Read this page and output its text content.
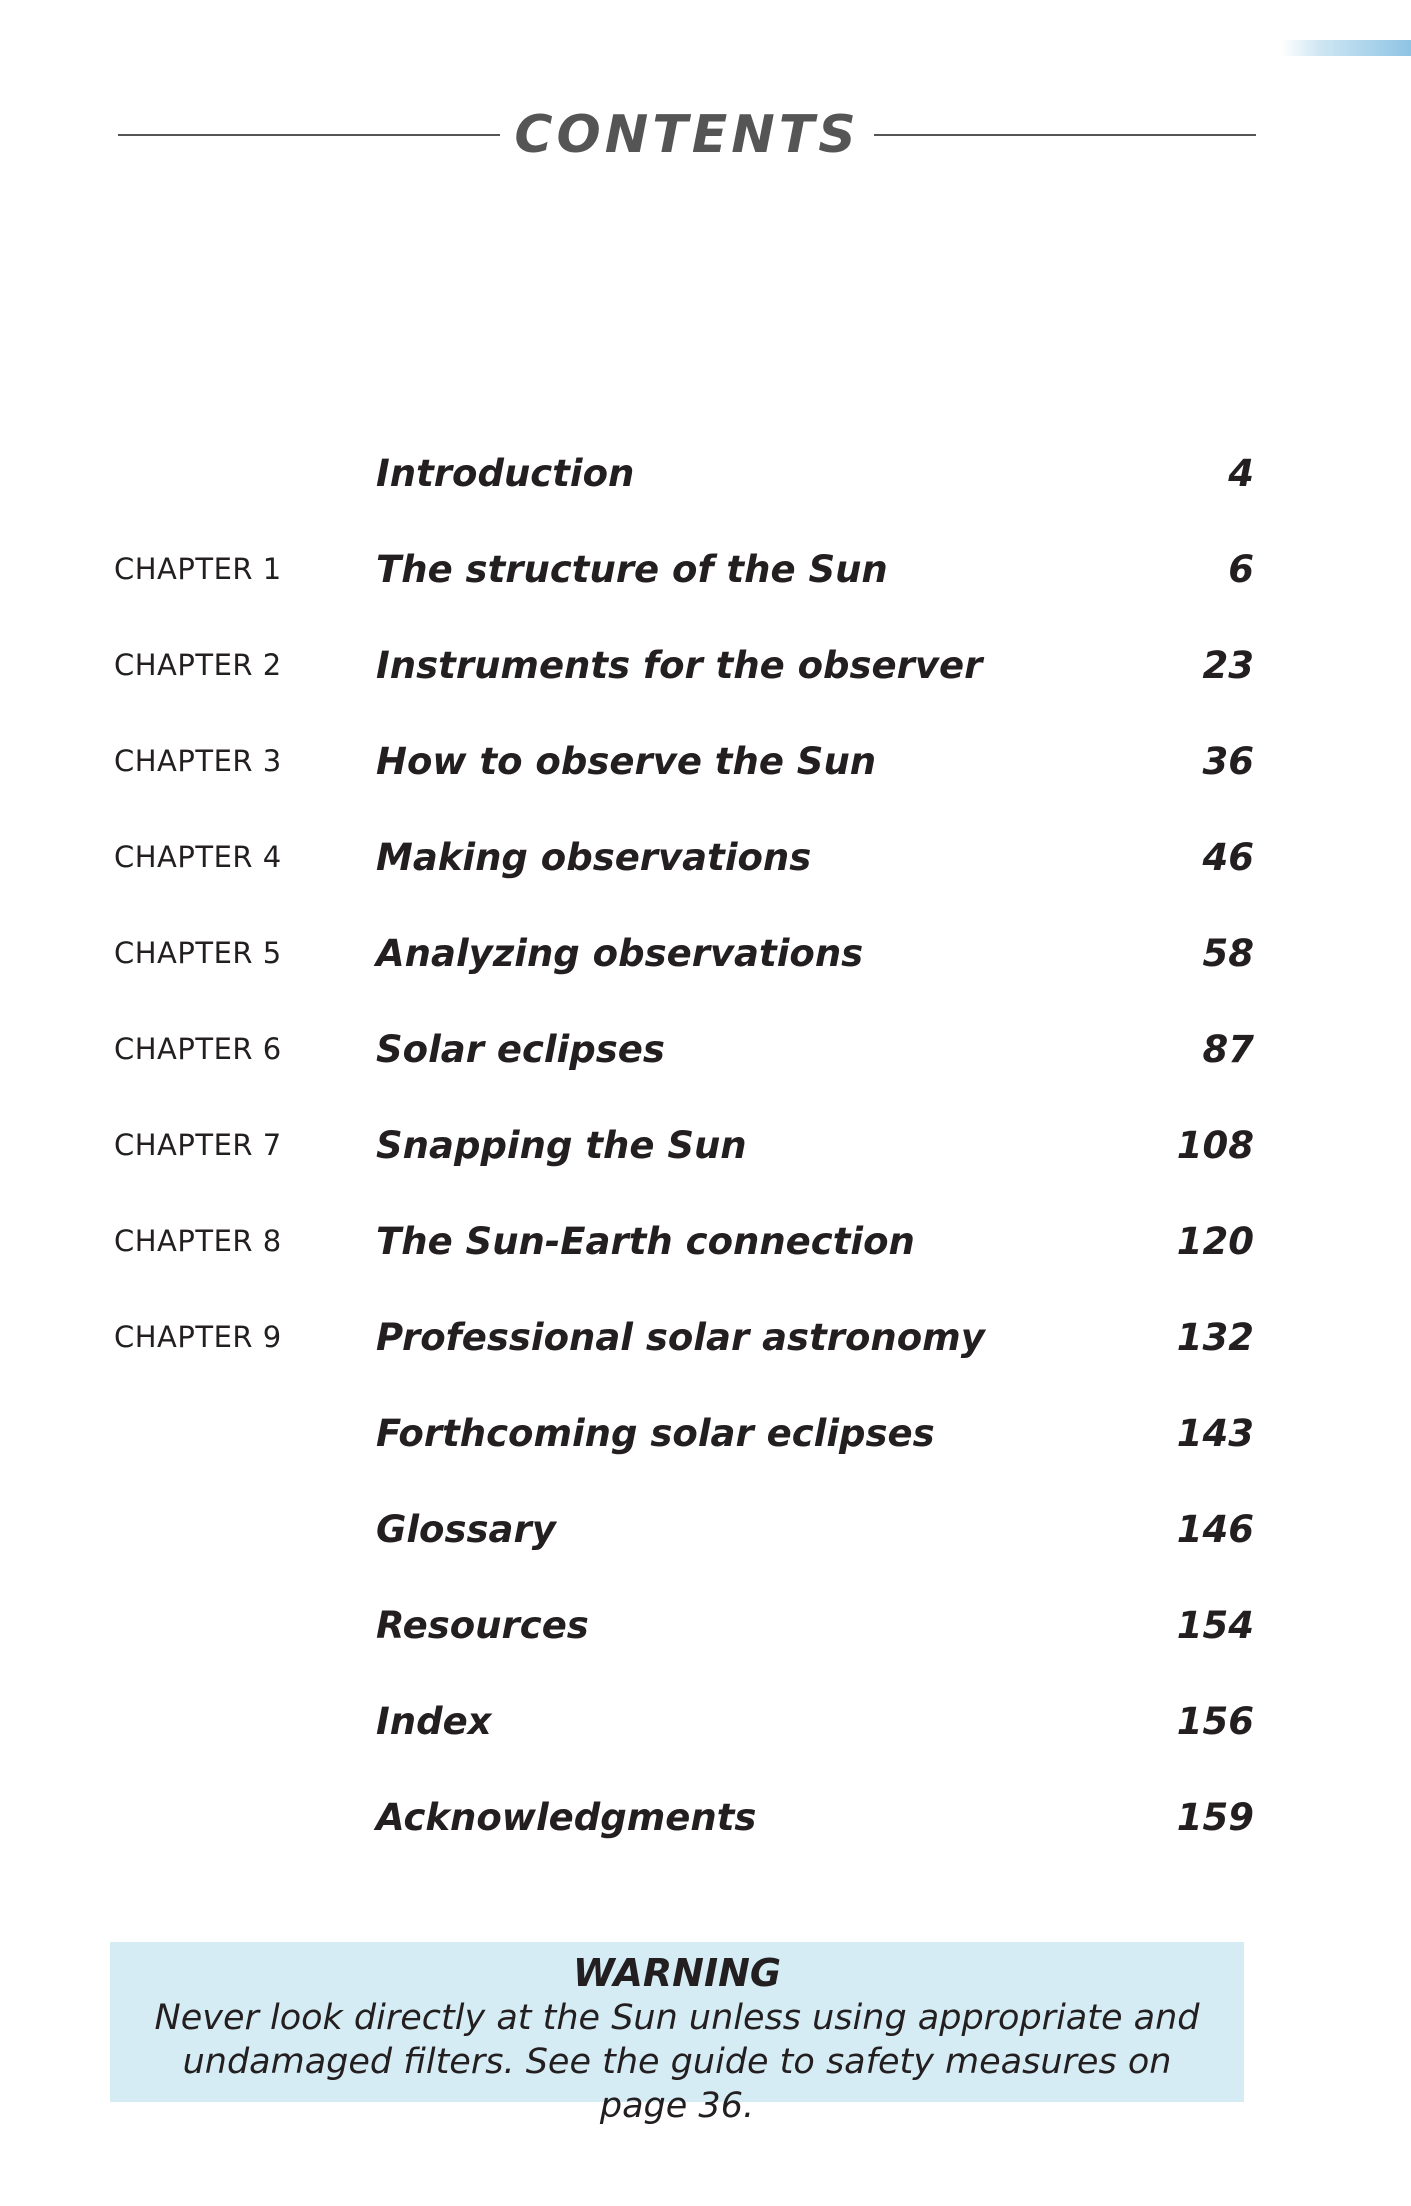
CONTENTS
Introduction	4
CHAPTER 1	The structure of the Sun	6
CHAPTER 2	Instruments for the observer	23
CHAPTER 3	How to observe the Sun	36
CHAPTER 4	Making observations	46
CHAPTER 5	Analyzing observations	58
CHAPTER 6	Solar eclipses	87
CHAPTER 7	Snapping the Sun	108
CHAPTER 8	The Sun-Earth connection	120
CHAPTER 9	Professional solar astronomy	132
Forthcoming solar eclipses	143
Glossary	146
Resources	154
Index	156
Acknowledgments	159
WARNING
Never look directly at the Sun unless using appropriate and undamaged filters. See the guide to safety measures on page 36.
